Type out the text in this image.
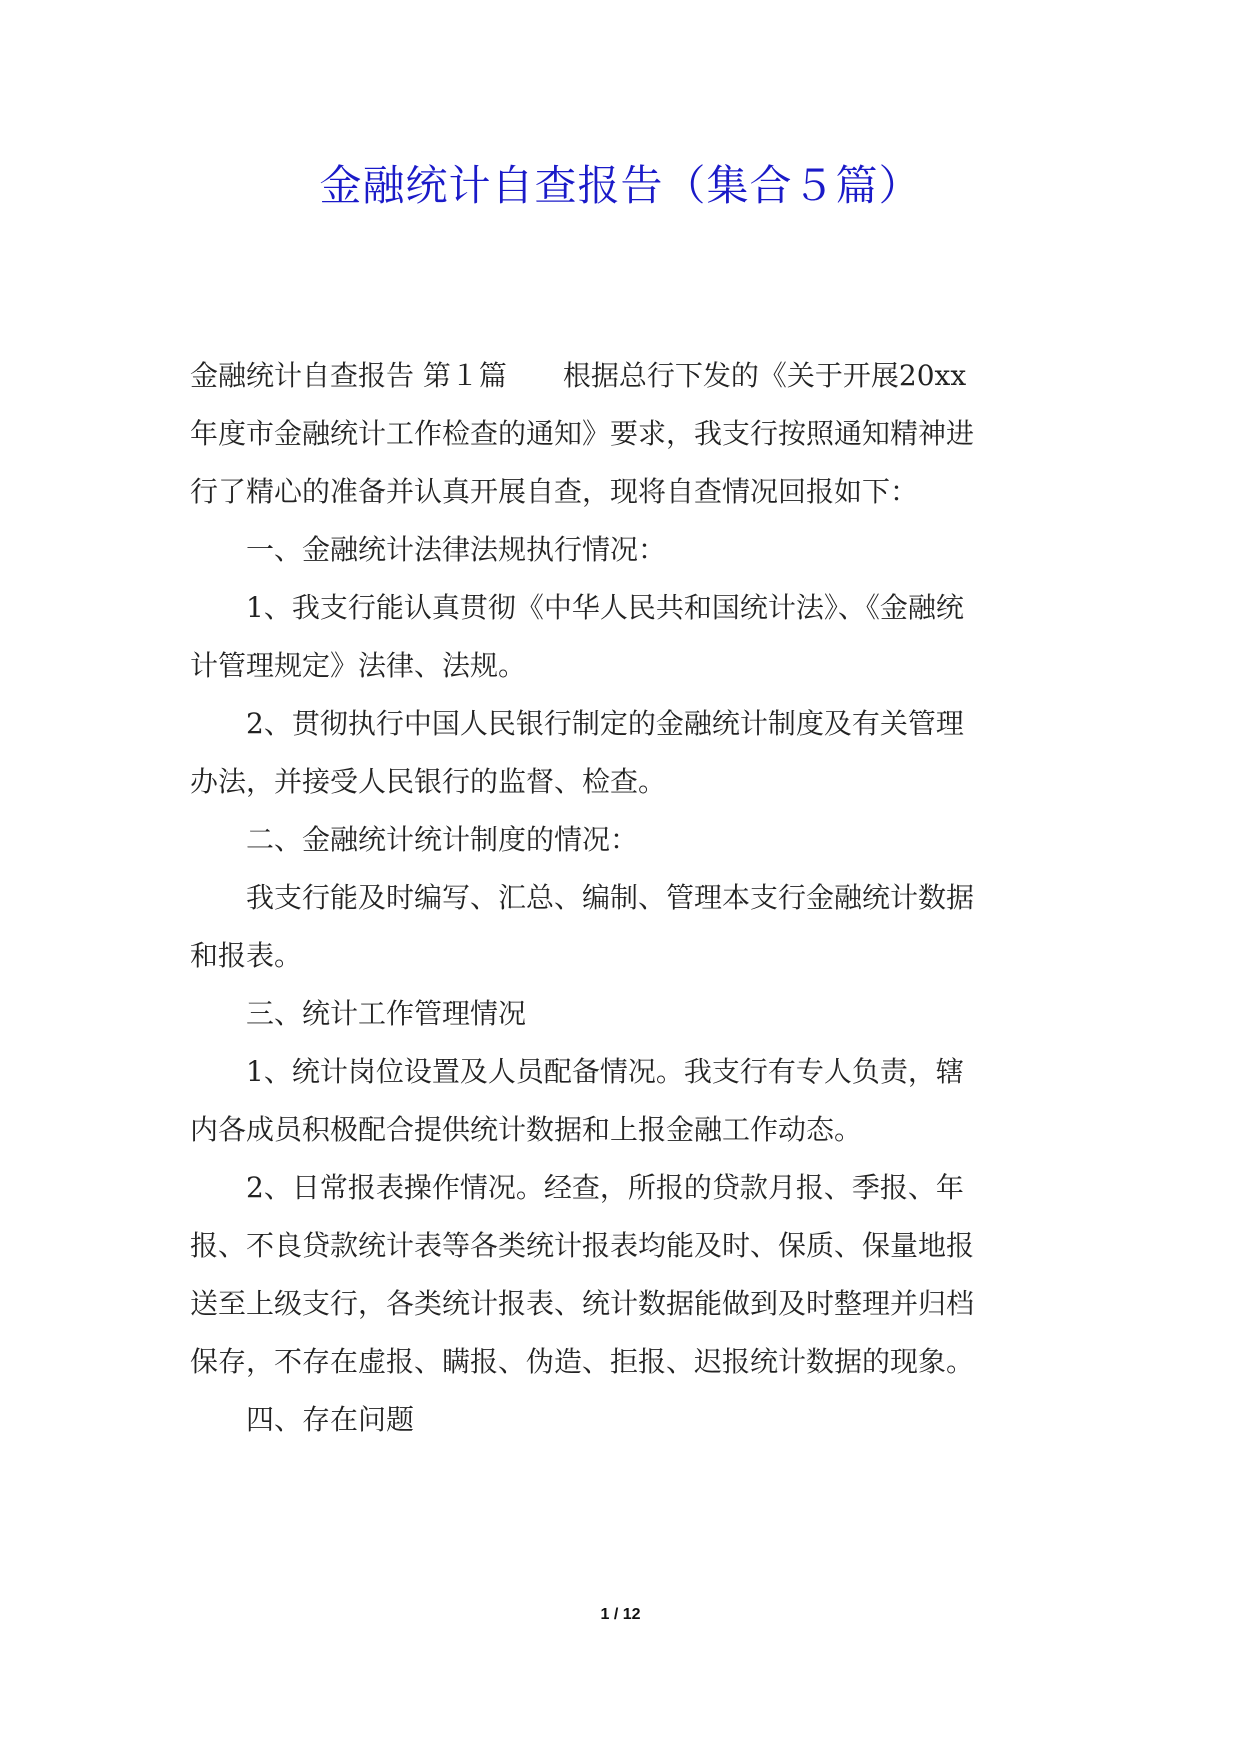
金融统计自查报告（集合５篇）

金融统计自查报告 第１篇　　根据总行下发的《关于开展20xx

年度市金融统计工作检查的通知》要求，我支行按照通知精神进

行了精心的准备并认真开展自查，现将自查情况回报如下：

一、金融统计法律法规执行情况：

1、我支行能认真贯彻《中华人民共和国统计法》、《金融统

计管理规定》法律、法规。

2、贯彻执行中国人民银行制定的金融统计制度及有关管理

办法，并接受人民银行的监督、检查。

二、金融统计统计制度的情况：

我支行能及时编写、汇总、编制、管理本支行金融统计数据

和报表。

三、统计工作管理情况

1、统计岗位设置及人员配备情况。我支行有专人负责，辖

内各成员积极配合提供统计数据和上报金融工作动态。

2、日常报表操作情况。经查，所报的贷款月报、季报、年

报、不良贷款统计表等各类统计报表均能及时、保质、保量地报

送至上级支行，各类统计报表、统计数据能做到及时整理并归档

保存，不存在虚报、瞒报、伪造、拒报、迟报统计数据的现象。

四、存在问题

1 / 12
